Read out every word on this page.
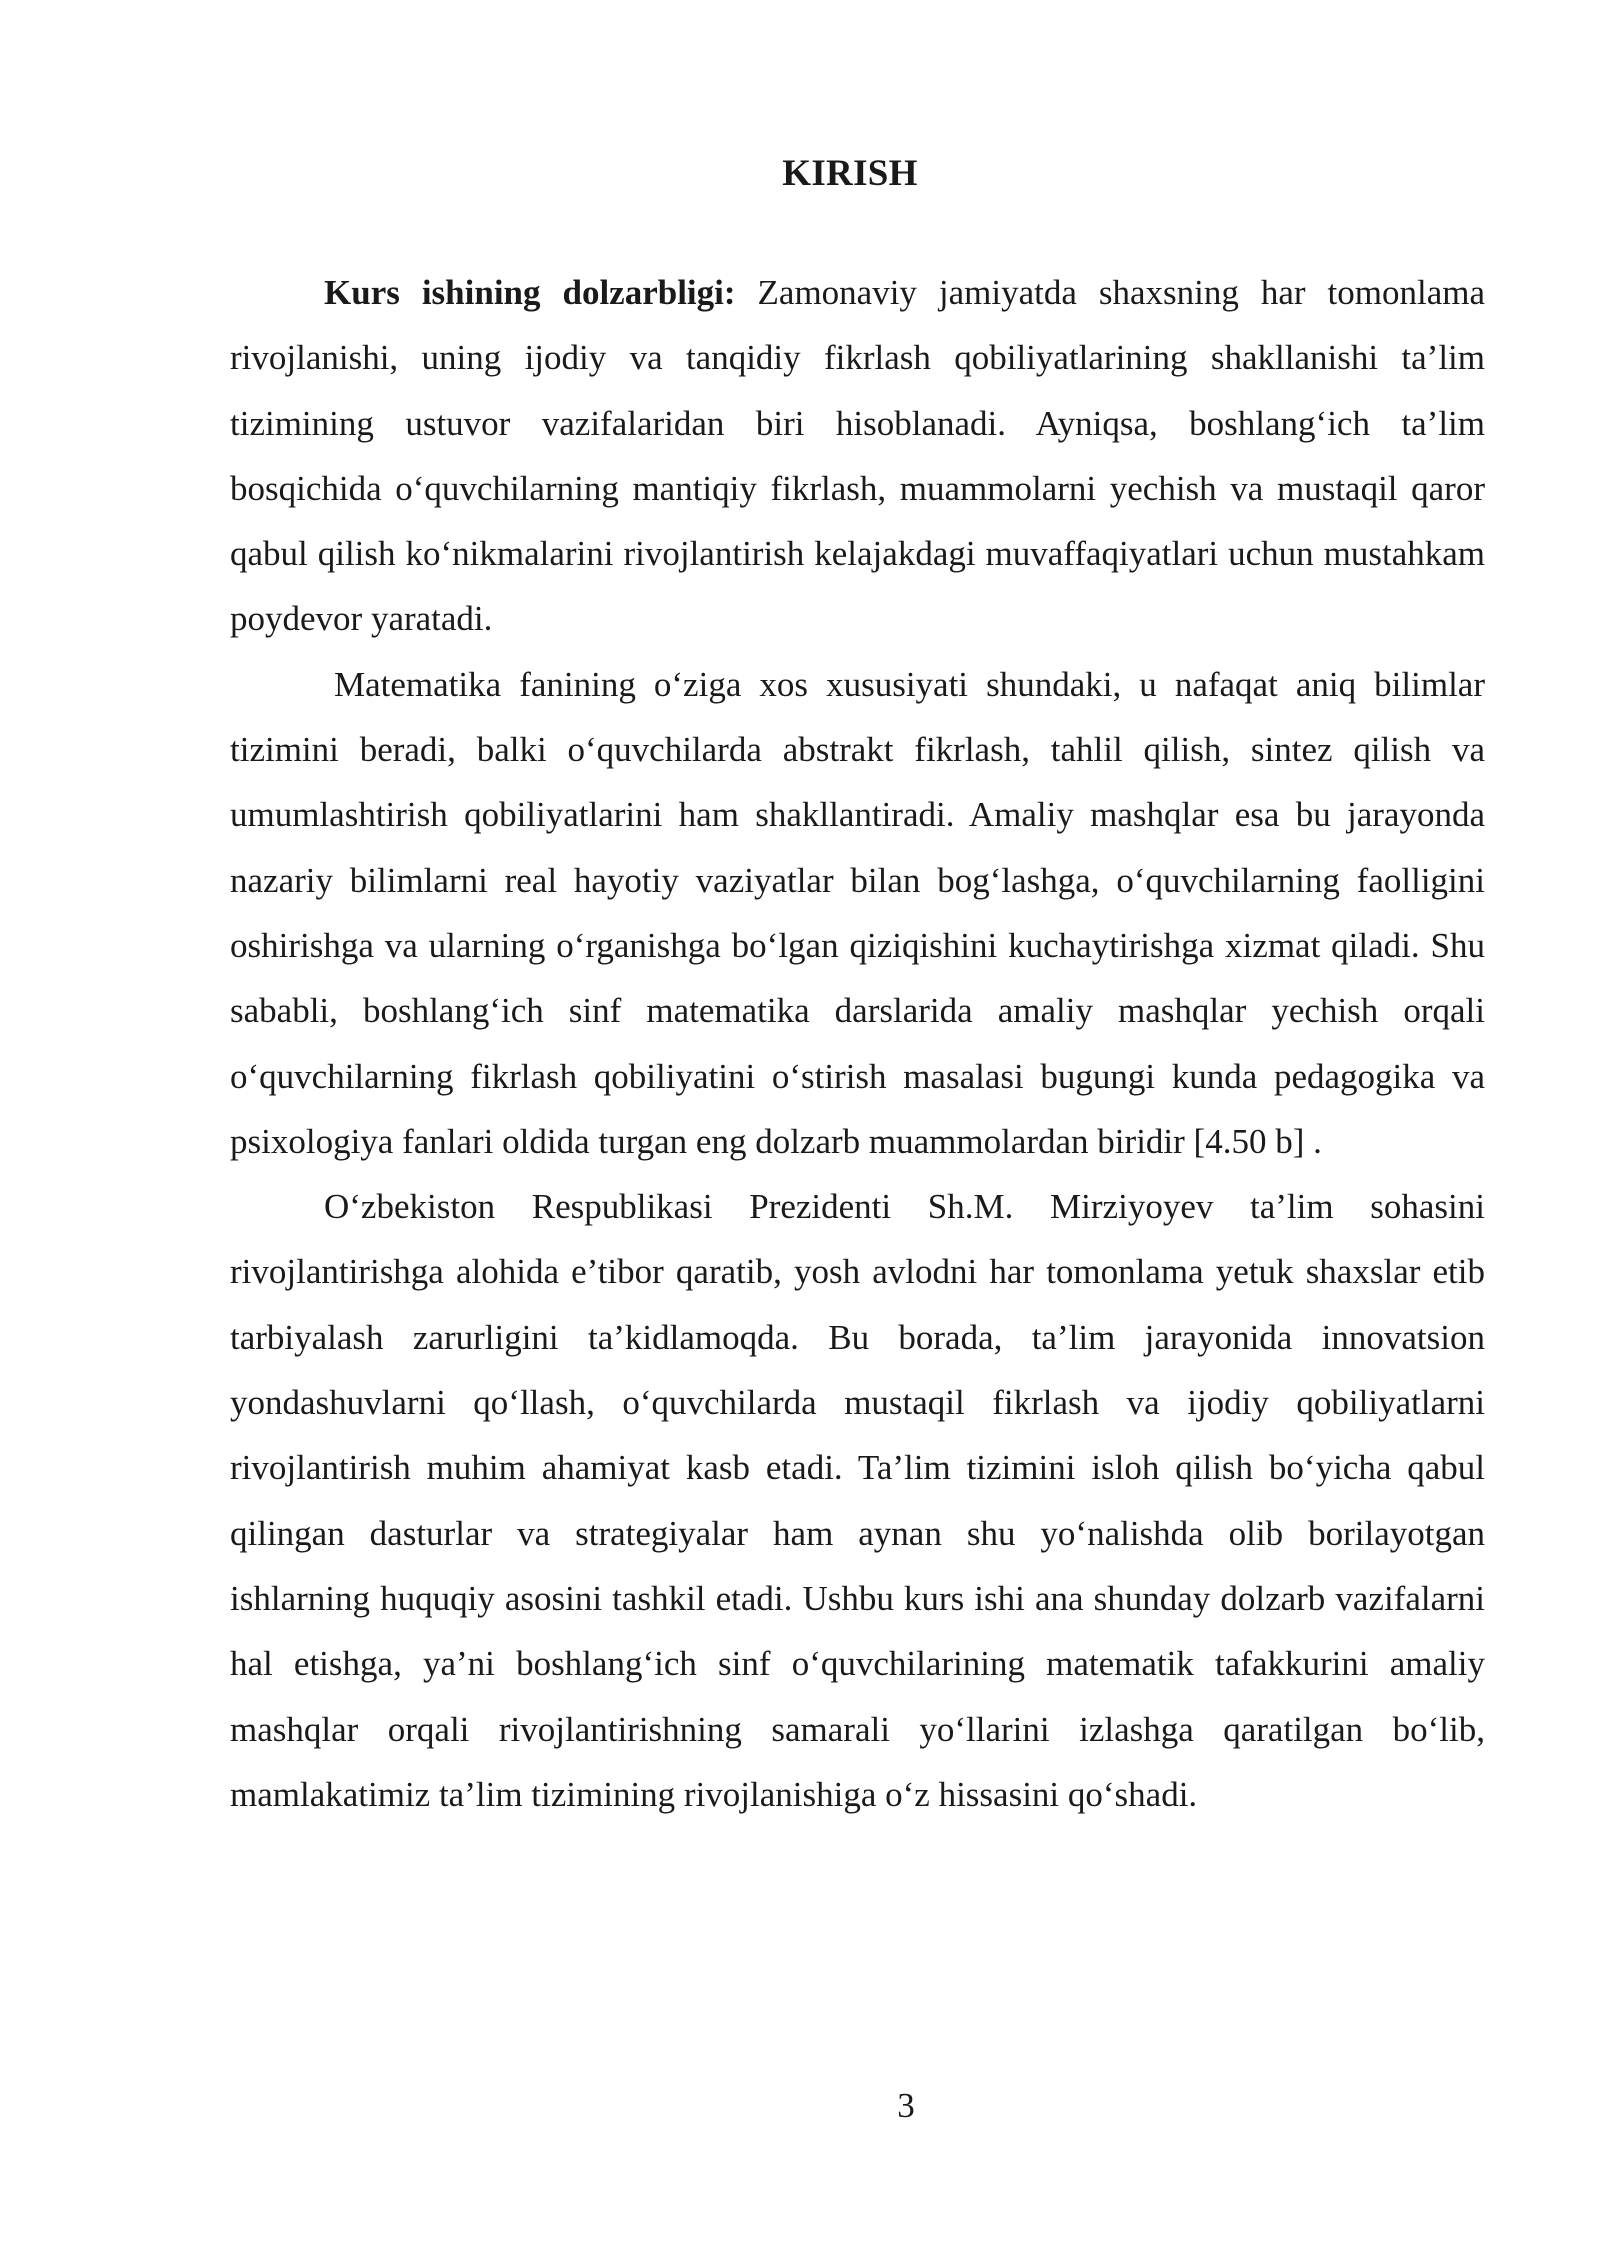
KIRISH

Kurs ishining dolzarbligi: Zamonaviy jamiyatda shaxsning har tomonlama rivojlanishi, uning ijodiy va tanqidiy fikrlash qobiliyatlarining shakllanishi ta’lim tizimining ustuvor vazifalaridan biri hisoblanadi. Ayniqsa, boshlang‘ich ta’lim bosqichida o‘quvchilarning mantiqiy fikrlash, muammolarni yechish va mustaqil qaror qabul qilish ko‘nikmalarini rivojlantirish kelajakdagi muvaffaqiyatlari uchun mustahkam poydevor yaratadi.

Matematika fanining o‘ziga xos xususiyati shundaki, u nafaqat aniq bilimlar tizimini beradi, balki o‘quvchilarda abstrakt fikrlash, tahlil qilish, sintez qilish va umumlashtirish qobiliyatlarini ham shakllantiradi. Amaliy mashqlar esa bu jarayonda nazariy bilimlarni real hayotiy vaziyatlar bilan bog‘lashga, o‘quvchilarning faolligini oshirishga va ularning o‘rganishga bo‘lgan qiziqishini kuchaytirishga xizmat qiladi. Shu sababli, boshlang‘ich sinf matematika darslarida amaliy mashqlar yechish orqali o‘quvchilarning fikrlash qobiliyatini o‘stirish masalasi bugungi kunda pedagogika va psixologiya fanlari oldida turgan eng dolzarb muammolardan biridir [4.50 b] .

O‘zbekiston Respublikasi Prezidenti Sh.M. Mirziyoyev ta’lim sohasini rivojlantirishga alohida e’tibor qaratib, yosh avlodni har tomonlama yetuk shaxslar etib tarbiyalash zarurligini ta’kidlamoqda. Bu borada, ta’lim jarayonida innovatsion yondashuvlarni qo‘llash, o‘quvchilarda mustaqil fikrlash va ijodiy qobiliyatlarni rivojlantirish muhim ahamiyat kasb etadi. Ta’lim tizimini isloh qilish bo‘yicha qabul qilingan dasturlar va strategiyalar ham aynan shu yo‘nalishda olib borilayotgan ishlarning huquqiy asosini tashkil etadi. Ushbu kurs ishi ana shunday dolzarb vazifalarni hal etishga, ya’ni boshlang‘ich sinf o‘quvchilarining matematik tafakkurini amaliy mashqlar orqali rivojlantirishning samarali yo‘llarini izlashga qaratilgan bo‘lib, mamlakatimiz ta’lim tizimining rivojlanishiga o‘z hissasini qo‘shadi.

3
